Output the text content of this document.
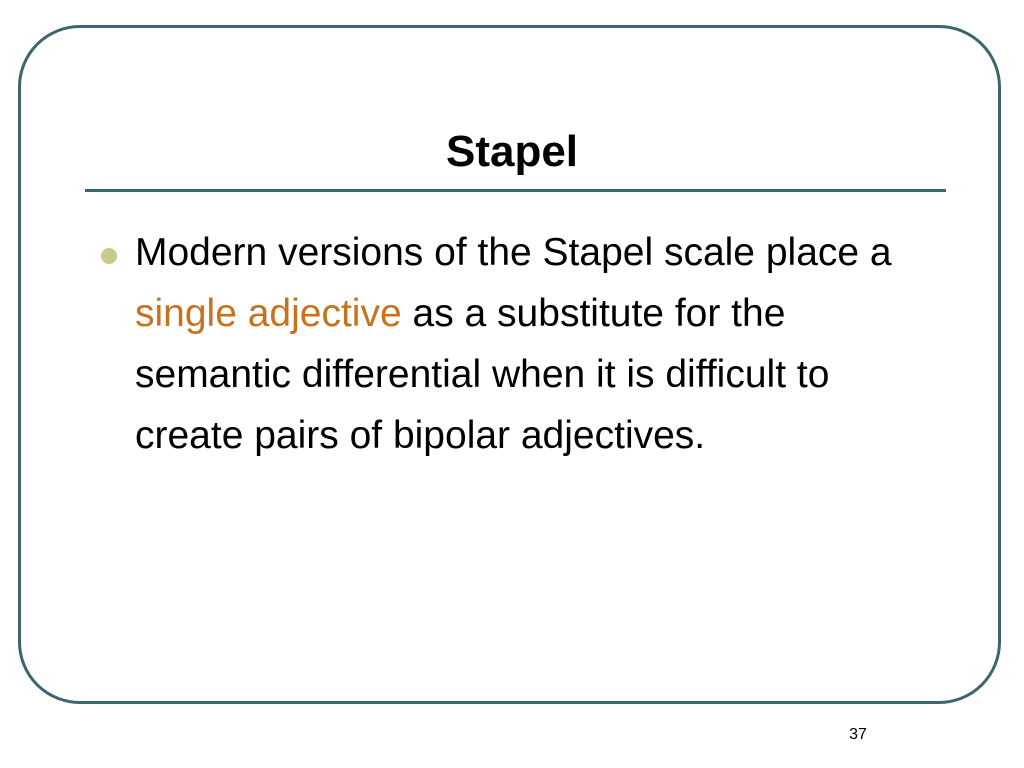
Stapel
Modern versions of the Stapel scale place a single adjective as a substitute for the semantic differential when it is difficult to create pairs of bipolar adjectives.
37
